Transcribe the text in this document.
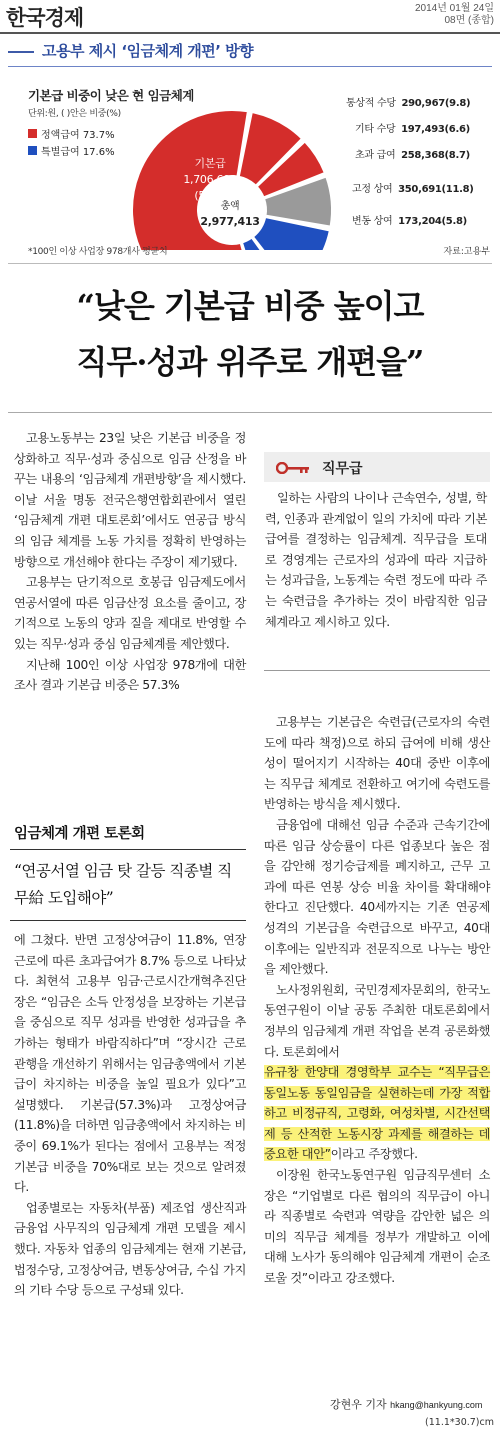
한국경제	2014년 01월 24일
08면 (종합)
고용부 제시 ‘임금체계 개편’ 방향
기본급 비중이 낮은 현 임금체계
단위:원, ( )안은 비중(%)
정액급여 73.7%
특별급여 17.6%
기본급
1,706,690
(57.3)
총액
2,977,413
통상적 수당 290,967(9.8)
기타 수당 197,493(6.6)
초과 급여 258,368(8.7)
고정 상여 350,691(11.8)
변동 상여 173,204(5.8)
*100인 이상 사업장 978개사 평균치	자료:고용부
“낮은 기본급 비중 높이고
직무·성과 위주로 개편을”

고용노동부는 23일 낮은 기본급 비중을 정상화하고 직무·성과 중심으로 임금 산정을 바꾸는 내용의 ‘임금체계 개편방향’을 제시했다. 이날 서울 명동 전국은행연합회관에서 열린 ‘임금체계 개편 대토론회’에서도 연공급 방식의 임금 체계를 노동 가치를 정확히 반영하는 방향으로 개선해야 한다는 주장이 제기됐다.

고용부는 단기적으로 호봉급 임금제도에서 연공서열에 따른 임금산정 요소를 줄이고, 장기적으로 노동의 양과 질을 제대로 반영할 수 있는 직무·성과 중심 임금체계를 제안했다.

지난해 100인 이상 사업장 978개에 대한 조사 결과 기본급 비중은 57.3%

임금체계 개편 토론회
“연공서열 임금 탓 갈등 직종별 직무給 도입해야”

에 그쳤다. 반면 고정상여금이 11.8%, 연장근로에 따른 초과급여가 8.7% 등으로 나타났다. 최현석 고용부 임금·근로시간개혁추진단장은 “임금은 소득 안정성을 보장하는 기본급을 중심으로 직무 성과를 반영한 성과급을 추가하는 형태가 바람직하다”며 “장시간 근로 관행을 개선하기 위해서는 임금총액에서 기본급이 차지하는 비중을 높일 필요가 있다”고 설명했다. 기본급(57.3%)과 고정상여금(11.8%)을 더하면 임금총액에서 차지하는 비중이 69.1%가 된다는 점에서 고용부는 적정 기본급 비중을 70%대로 보는 것으로 알려졌다.

업종별로는 자동차(부품) 제조업 생산직과 금융업 사무직의 임금체계 개편 모델을 제시했다. 자동차 업종의 임금체계는 현재 기본급, 법정수당, 고정상여금, 변동상여금, 수십 가지의 기타 수당 등으로 구성돼 있다.

직무급

일하는 사람의 나이나 근속연수, 성별, 학력, 인종과 관계없이 일의 가치에 따라 기본 급여를 결정하는 임금체계. 직무급을 토대로 경영계는 근로자의 성과에 따라 지급하는 성과급을, 노동계는 숙련 정도에 따라 주는 숙련급을 추가하는 것이 바람직한 임금체계라고 제시하고 있다.

고용부는 기본급은 숙련급(근로자의 숙련도에 따라 책정)으로 하되 급여에 비해 생산성이 떨어지기 시작하는 40대 중반 이후에는 직무급 체계로 전환하고 여기에 숙련도를 반영하는 방식을 제시했다.

금융업에 대해선 임금 수준과 근속기간에 따른 임금 상승률이 다른 업종보다 높은 점을 감안해 정기승급제를 폐지하고, 근무 고과에 따른 연봉 상승 비율 차이를 확대해야 한다고 진단했다. 40세까지는 기존 연공제 성격의 기본급을 숙련급으로 바꾸고, 40대 이후에는 일반직과 전문직으로 나누는 방안을 제안했다.

노사정위원회, 국민경제자문회의, 한국노동연구원이 이날 공동 주최한 대토론회에서 정부의 임금체계 개편 작업을 본격 공론화했다. 토론회에서

유규창 한양대 경영학부 교수는 “직무급은 동일노동 동일임금을 실현하는데 가장 적합하고 비정규직, 고령화, 여성차별, 시간선택제 등 산적한 노동시장 과제를 해결하는 데 중요한 대안”이라고 주장했다.

이장원 한국노동연구원 임금직무센터 소장은 “기업별로 다른 협의의 직무급이 아니라 직종별로 숙련과 역량을 감안한 넓은 의미의 직무급 체계를 정부가 개발하고 이에 대해 노사가 동의해야 임금체계 개편이 순조로울 것”이라고 강조했다.

강현우 기자 hkang@hankyung.com
(11.1*30.7)cm
